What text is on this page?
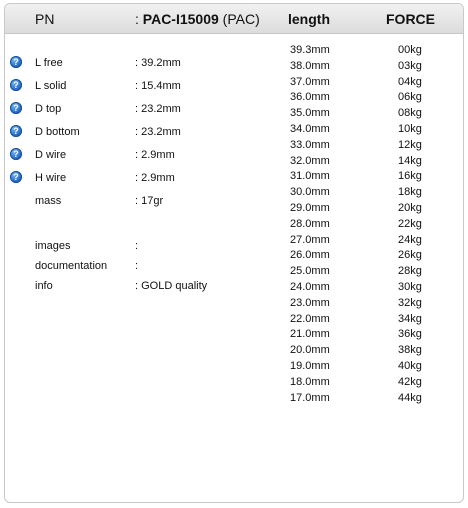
PN	: PAC-I15009 (PAC) length	FORCE
? L free	: 39.2mm
? L solid	: 15.4mm
? D top	: 23.2mm
? D bottom	: 23.2mm
? D wire	: 2.9mm
? H wire	: 2.9mm
mass	: 17gr
images	:
documentation	:
info	: GOLD quality
39.3mm	00kg
38.0mm	03kg
37.0mm	04kg
36.0mm	06kg
35.0mm	08kg
34.0mm	10kg
33.0mm	12kg
32.0mm	14kg
31.0mm	16kg
30.0mm	18kg
29.0mm	20kg
28.0mm	22kg
27.0mm	24kg
26.0mm	26kg
25.0mm	28kg
24.0mm	30kg
23.0mm	32kg
22.0mm	34kg
21.0mm	36kg
20.0mm	38kg
19.0mm	40kg
18.0mm	42kg
17.0mm	44kg
